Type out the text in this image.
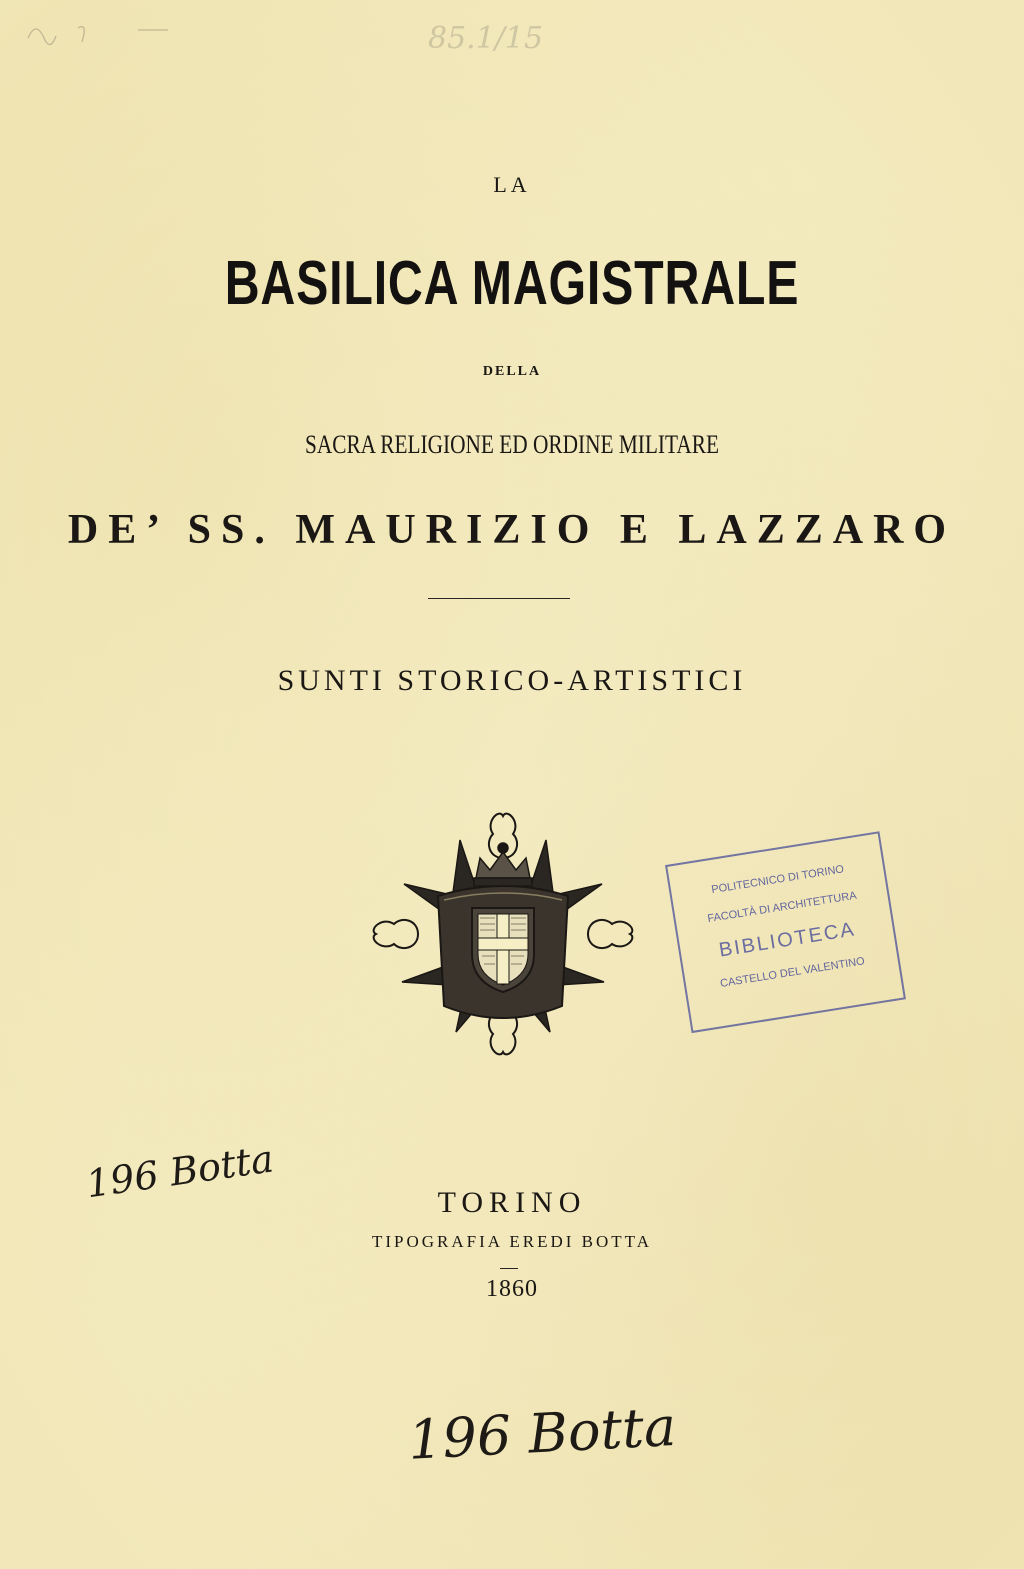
85.1/15
LA
BASILICA MAGISTRALE
DELLA
SACRA RELIGIONE ED ORDINE MILITARE
DE’ SS. MAURIZIO E LAZZARO
SUNTI STORICO-ARTISTICI
POLITECNICO DI TORINO
FACOLTÀ DI ARCHITETTURA
BIBLIOTECA
CASTELLO DEL VALENTINO
196 Botta	TORINO
TIPOGRAFIA EREDI BOTTA
1860
196 Botta
